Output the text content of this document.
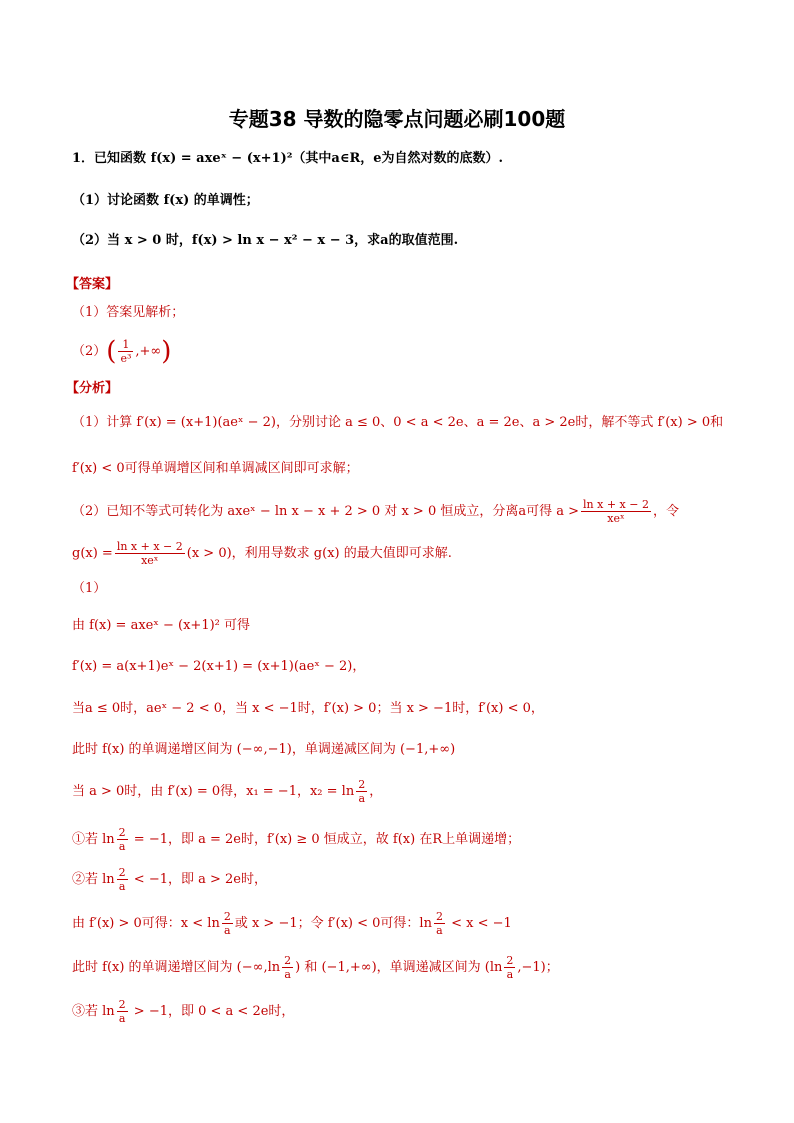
专题38 导数的隐零点问题必刷100题
1．已知函数 f(x) = axeˣ − (x+1)²（其中a∈R，e为自然对数的底数）.
（1）讨论函数 f(x) 的单调性；
（2）当 x > 0 时，f(x) > ln x − x² − x − 3，求a的取值范围.
【答案】
（1）答案见解析；
$(2)( \frac{1}{\text{e³}}$ ,+∞)
【分析】
（1）计算 f′(x) = (x+1)(aeˣ − 2)，分别讨论 a ≤ 0、0 < a < 2e、a = 2e、a > 2e时，解不等式 f′(x) > 0和
f′(x) < 0可得单调增区间和单调减区间即可求解；
（2）已知不等式可转化为 axeˣ − ln x − x + 2 > 0 对 x > 0 恒成立，分离a可得 $a > \frac{\text{ln x + x − 2}}{\text{xeˣ}}$ ，令
$g(x) = \frac{\text{ln x + x − 2}}{\text{xeˣ}} (x > 0)$，利用导数求 g(x) 的最大值即可求解.
（1）
由 f(x) = axeˣ − (x+1)² 可得
f′(x) = a(x+1)eˣ − 2(x+1) = (x+1)(aeˣ − 2)，
当a ≤ 0时，aeˣ − 2 < 0，当 x < −1时，f′(x) > 0；当 x > −1时，f′(x) < 0，
此时 f(x) 的单调递增区间为 (−∞,−1)，单调递减区间为 (−1,+∞)
当 a > 0时，由 f′(x) = 0得，x₁ = −1，$x_2 = \ln \frac{2}{a}$ ，
①若 $\ln \frac{2}{a} = -1$，即 a = 2e时，f′(x) ≥ 0 恒成立，故 f(x) 在R上单调递增；
②若 $\ln \frac{2}{a} < -1$，即 a > 2e时，
由 f′(x) > 0可得：$x < \ln \frac{2}{a}$ 或 x > −1；令 f′(x) < 0可得：$\ln \frac{2}{a} < x < -1$
此时 f(x) 的单调递增区间为 ($-\infty,\ln \frac{2}{a}$ ) 和 (−1,+∞)，单调递减区间为 $(\ln \frac{2}{a} ,-1)$；
③若 $\ln \frac{2}{a} > -1$，即 0 < a < 2e时，
